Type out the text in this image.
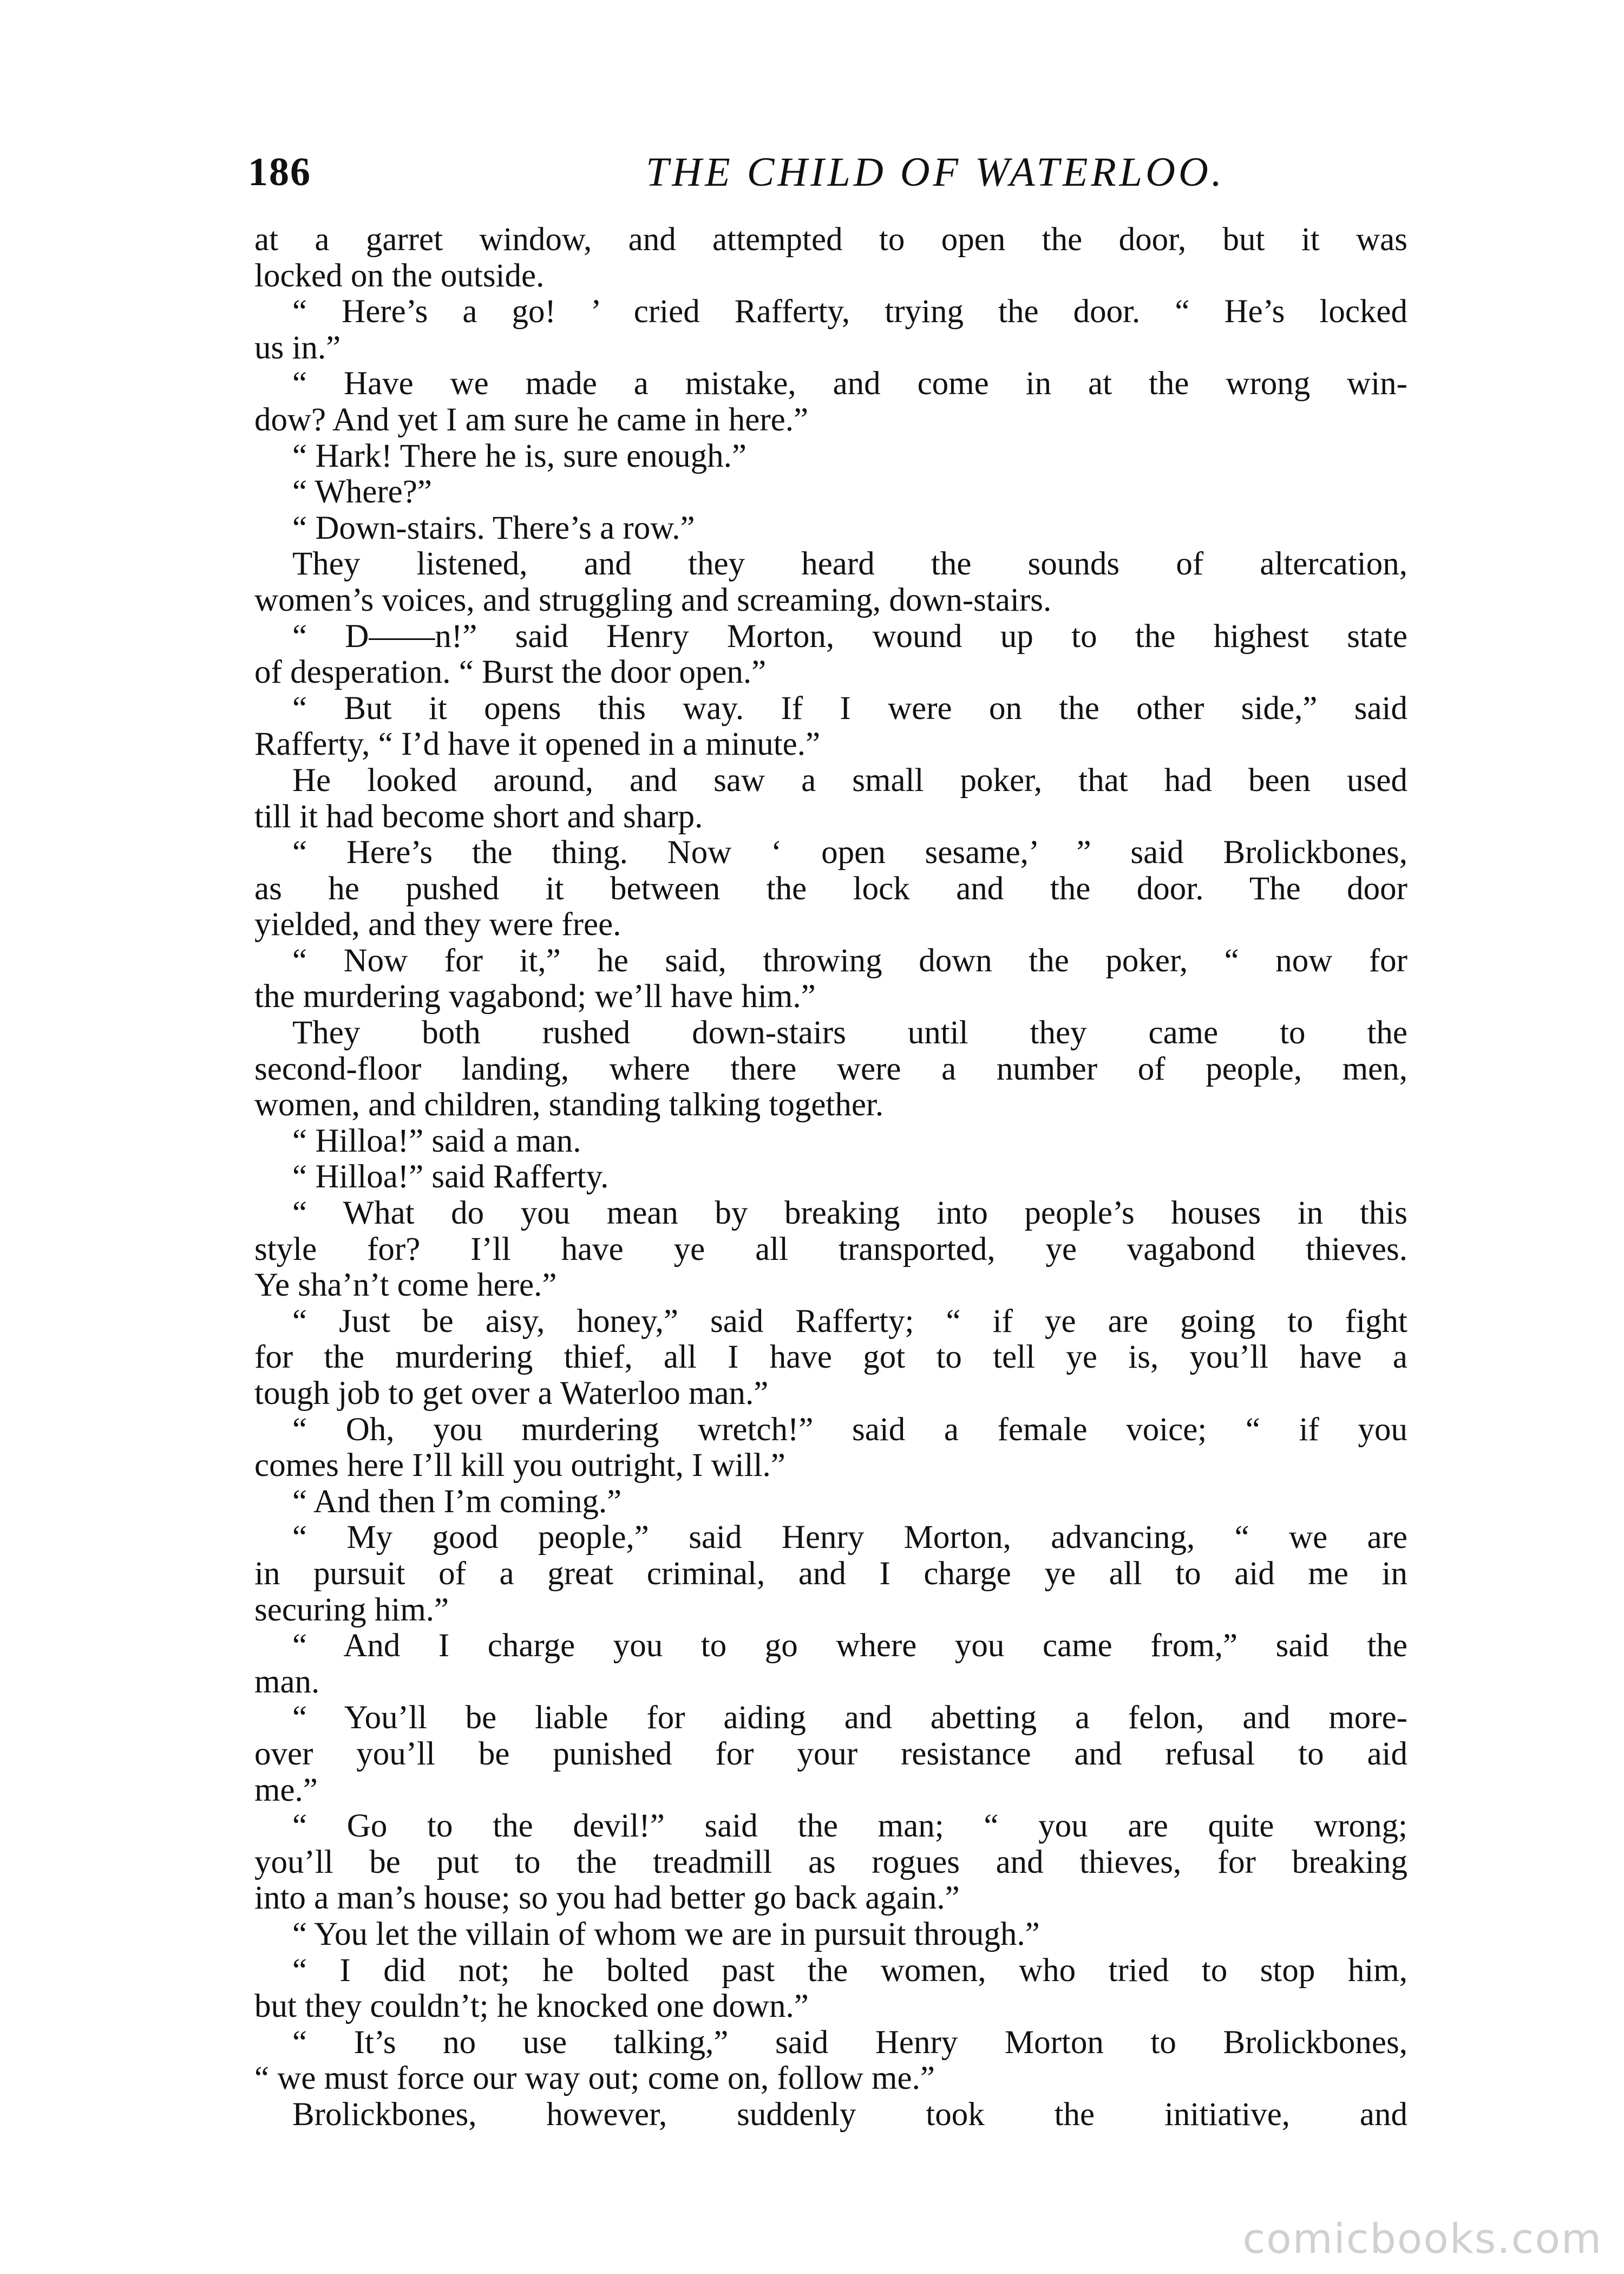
186	THE CHILD OF WATERLOO.
at a garret window, and attempted to open the door, but it was
locked on the outside.
“ Here’s a go! ’ cried Rafferty, trying the door. “ He’s locked
us in.”
“ Have we made a mistake, and come in at the wrong win-
dow? And yet I am sure he came in here.”
“ Hark! There he is, sure enough.”
“ Where?”
“ Down-stairs. There’s a row.”
They listened, and they heard the sounds of altercation,
women’s voices, and struggling and screaming, down-stairs.
“ D——n!” said Henry Morton, wound up to the highest state
of desperation. “ Burst the door open.”
“ But it opens this way. If I were on the other side,” said
Rafferty, “ I’d have it opened in a minute.”
He looked around, and saw a small poker, that had been used
till it had become short and sharp.
“ Here’s the thing. Now ‘ open sesame,’ ” said Brolickbones,
as he pushed it between the lock and the door. The door
yielded, and they were free.
“ Now for it,” he said, throwing down the poker, “ now for
the murdering vagabond; we’ll have him.”
They both rushed down-stairs until they came to the
second-floor landing, where there were a number of people, men,
women, and children, standing talking together.
“ Hilloa!” said a man.
“ Hilloa!” said Rafferty.
“ What do you mean by breaking into people’s houses in this
style for? I’ll have ye all transported, ye vagabond thieves.
Ye sha’n’t come here.”
“ Just be aisy, honey,” said Rafferty; “ if ye are going to fight
for the murdering thief, all I have got to tell ye is, you’ll have a
tough job to get over a Waterloo man.”
“ Oh, you murdering wretch!” said a female voice; “ if you
comes here I’ll kill you outright, I will.”
“ And then I’m coming.”
“ My good people,” said Henry Morton, advancing, “ we are
in pursuit of a great criminal, and I charge ye all to aid me in
securing him.”
“ And I charge you to go where you came from,” said the
man.
“ You’ll be liable for aiding and abetting a felon, and more-
over you’ll be punished for your resistance and refusal to aid
me.”
“ Go to the devil!” said the man; “ you are quite wrong;
you’ll be put to the treadmill as rogues and thieves, for breaking
into a man’s house; so you had better go back again.”
“ You let the villain of whom we are in pursuit through.”
“ I did not; he bolted past the women, who tried to stop him,
but they couldn’t; he knocked one down.”
“ It’s no use talking,” said Henry Morton to Brolickbones,
“ we must force our way out; come on, follow me.”
Brolickbones, however, suddenly took the initiative, and
comicbooks.com
